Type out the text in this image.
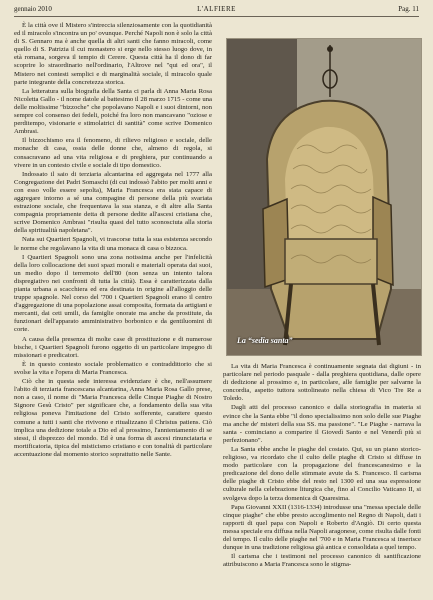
gennaio 2010	L'ALFIERE	Pag. 11

È la città ove il Mistero s'intreccia silenziosamente con la quotidianità ed il miracolo s'incontra un po' ovunque. Perché Napoli non è solo la città di S. Gennaro ma è anche quella di altri santi che fanno miracoli, come quello di S. Patrizia il cui monastero si erge nello stesso luogo dove, in età romana, sorgeva il tempio di Cerere. Questa città ha il dono di far scoprire lo straordinario nell'ordinario, l'Altrove nel "qui ed ora", il Mistero nei contesti semplici e di marginalità sociale, il miracolo quale parte integrante della concretezza storica.

La letteratura sulla biografia della Santa ci parla di Anna Maria Rosa Nicoletta Gallo - il nome datole al battesimo il 28 marzo 1715 - come una delle moltissime "bizzoche" che popolavano Napoli e i suoi dintorni, non sempre col consenso dei fedeli, poiché fra loro non mancavano "oziose e perditempo, visionarie e stimolatrici di santità" come scrive Domenico Ambrasi.

Il bizzochismo era il fenomeno, di rilievo religioso e sociale, delle monache di casa, ossia delle donne che, almeno di regola, si consacravano ad una vita religiosa e di preghiera, pur continuando a vivere in un contesto civile e sociale di tipo domestico.

Indossato il saio di terziaria alcantarina ed aggregata nel 1777 alla Congregazione dei Padri Somaschi (di cui indossò l'abito per molti anni e con esso volle essere sepolta), Maria Francesca era stata capace di aggregare intorno a sé una compagine di persone della più svariata estrazione sociale, che frequentava la sua stanza, e di altre alla Santa compagnia propriamente detta di persone dedite all'ascesi cristiana che, scrive Domenico Ambrasi "risulta quasi del tutto sconosciuta alla storia della spiritualità napoletana".

Nata sui Quartieri Spagnoli, vi trascorse tutta la sua esistenza secondo le norme che regolavano la vita di una monaca di casa o bizzoca.

I Quartieri Spagnoli sono una zona notissima anche per l'infelicità della loro collocazione dei suoi spazi morali e materiali operata dai suoi, un medio dopo il terremoto dell'80 (non senza un intento talora dispregiativo nei confronti di tutta la città). Essa è caratterizzata dalla pianta urbana a scacchiera ed era destinata in origine all'alloggio delle truppe spagnole. Nel corso del '700 i Quartieri Spagnoli erano il centro d'aggregazione di una popolazione assai composita, formata da artigiani e mercanti, dai ceti umili, da famiglie onorate ma anche da prostitute, da funzionari dell'apparato amministrativo borbonico e da gentiluomini di corte.

A causa della presenza di molte case di prostituzione e di numerose bische, i Quartieri Spagnoli furono oggetto di un particolare impegno di missionari e predicatori.

È in questo contesto sociale problematico e contraddittorio che si svolse la vita e l'opera di Maria Francesca.

Ciò che in questa sede interessa evidenziare è che, nell'assumere l'abito di terziaria francescana alcantarina, Anna Maria Rosa Gallo prese, non a caso, il nome di "Maria Francesca delle Cinque Piaghe di Nostro Signore Gesù Cristo" per significare che, a fondamento della sua vita religiosa poneva l'imitazione del Cristo sofferente, carattere questo comune a tutti i santi che rivivono e ritualizzano il Christus patiens. Ciò implica una dedizione totale a Dio ed al prossimo, l'annientamento di se stessi, il disprezzo del mondo. Ed è una forma di ascesi rinunciataria e mortificatoria, tipica del misticismo cristiano e con tonalità di particolare accentuazione dal momento storico soprattutto nelle Sante.

La “sedia santa”

La vita di Maria Francesca è continuamente segnata dai digiuni - in particolare nel periodo pasquale - dalla preghiera quotidiana, dalle opere di dedizione al prossimo e, in particolare, alle famiglie per salvarne la concordia, aspetto tuttora sottolineato nella chiesa di Vico Tre Re a Toledo.

Dagli atti del processo canonico e dalla storiografia in materia si evince che la Santa ebbe "il dono specialissimo non solo delle sue Piaghe ma anche de' misteri della sua SS. ma passione". "Le Piaghe - narrava la santa - cominciano a comparire il Giovedì Santo e nel Venerdì più si perfezionano".

La Santa ebbe anche le piaghe del costato. Qui, su un piano storico-religioso, va ricordato che il culto delle piaghe di Cristo si diffuse in modo particolare con la propagazione del francescanesimo e la predicazione del dono delle stimmate avute da S. Francesco. Il carisma delle piaghe di Cristo ebbe del resto nel 1300 ed una sua espressione culturale nella celebrazione liturgica che, fino al Concilio Vaticano II, si svolgeva dopo la terza domenica di Quaresima.

Papa Giovanni XXII (1316-1334) introdusse una "messa speciale delle cinque piaghe" che ebbe presto accoglimento nel Regno di Napoli, dati i rapporti di quel papa con Napoli e Roberto d'Angiò. Di certo questa messa speciale era diffusa nella Napoli aragonese, come risulta dalle fonti del tempo. Il culto delle piaghe nel '700 e in Maria Francesca si inserisce dunque in una tradizione religiosa già antica e consolidata a quel tempo.

Il carisma che i testimoni nel processo canonico di santificazione attribuiscono a Maria Francesca sono le stigma-
